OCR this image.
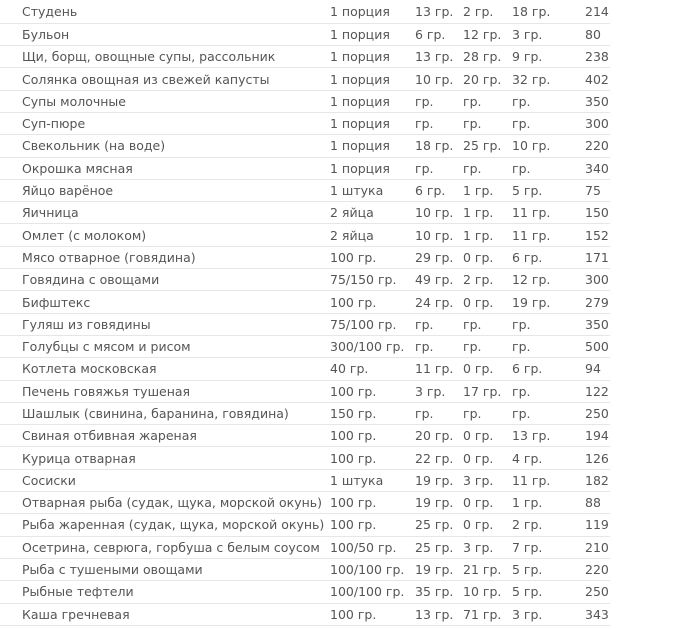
Студень	1 порция	13 гр.	2 гр.	18 гр.	214
Бульон	1 порция	6 гр.	12 гр.	3 гр.	80
Щи, борщ, овощные супы, рассольник	1 порция	13 гр.	28 гр.	9 гр.	238
Солянка овощная из свежей капусты	1 порция	10 гр.	20 гр.	32 гр.	402
Супы молочные	1 порция	гр.	гр.	гр.	350
Суп-пюре	1 порция	гр.	гр.	гр.	300
Свекольник (на воде)	1 порция	18 гр.	25 гр.	10 гр.	220
Окрошка мясная	1 порция	гр.	гр.	гр.	340
Яйцо варёное	1 штука	6 гр.	1 гр.	5 гр.	75
Яичница	2 яйца	10 гр.	1 гр.	11 гр.	150
Омлет (с молоком)	2 яйца	10 гр.	1 гр.	11 гр.	152
Мясо отварное (говядина)	100 гр.	29 гр.	0 гр.	6 гр.	171
Говядина с овощами	75/150 гр.	49 гр.	2 гр.	12 гр.	300
Бифштекс	100 гр.	24 гр.	0 гр.	19 гр.	279
Гуляш из говядины	75/100 гр.	гр.	гр.	гр.	350
Голубцы с мясом и рисом	300/100 гр.	гр.	гр.	гр.	500
Котлета московская	40 гр.	11 гр.	0 гр.	6 гр.	94
Печень говяжья тушеная	100 гр.	3 гр.	17 гр.	гр.	122
Шашлык (свинина, баранина, говядина)	150 гр.	гр.	гр.	гр.	250
Свиная отбивная жареная	100 гр.	20 гр.	0 гр.	13 гр.	194
Курица отварная	100 гр.	22 гр.	0 гр.	4 гр.	126
Сосиски	1 штука	19 гр.	3 гр.	11 гр.	182
Отварная рыба (судак, щука, морской окунь)	100 гр.	19 гр.	0 гр.	1 гр.	88
Рыба жаренная (судак, щука, морской окунь)	100 гр.	25 гр.	0 гр.	2 гр.	119
Осетрина, севрюга, горбуша с белым соусом	100/50 гр.	25 гр.	3 гр.	7 гр.	210
Рыба с тушеными овощами	100/100 гр.	19 гр.	21 гр.	5 гр.	220
Рыбные тефтели	100/100 гр.	35 гр.	10 гр.	5 гр.	250
Каша гречневая	100 гр.	13 гр.	71 гр.	3 гр.	343
